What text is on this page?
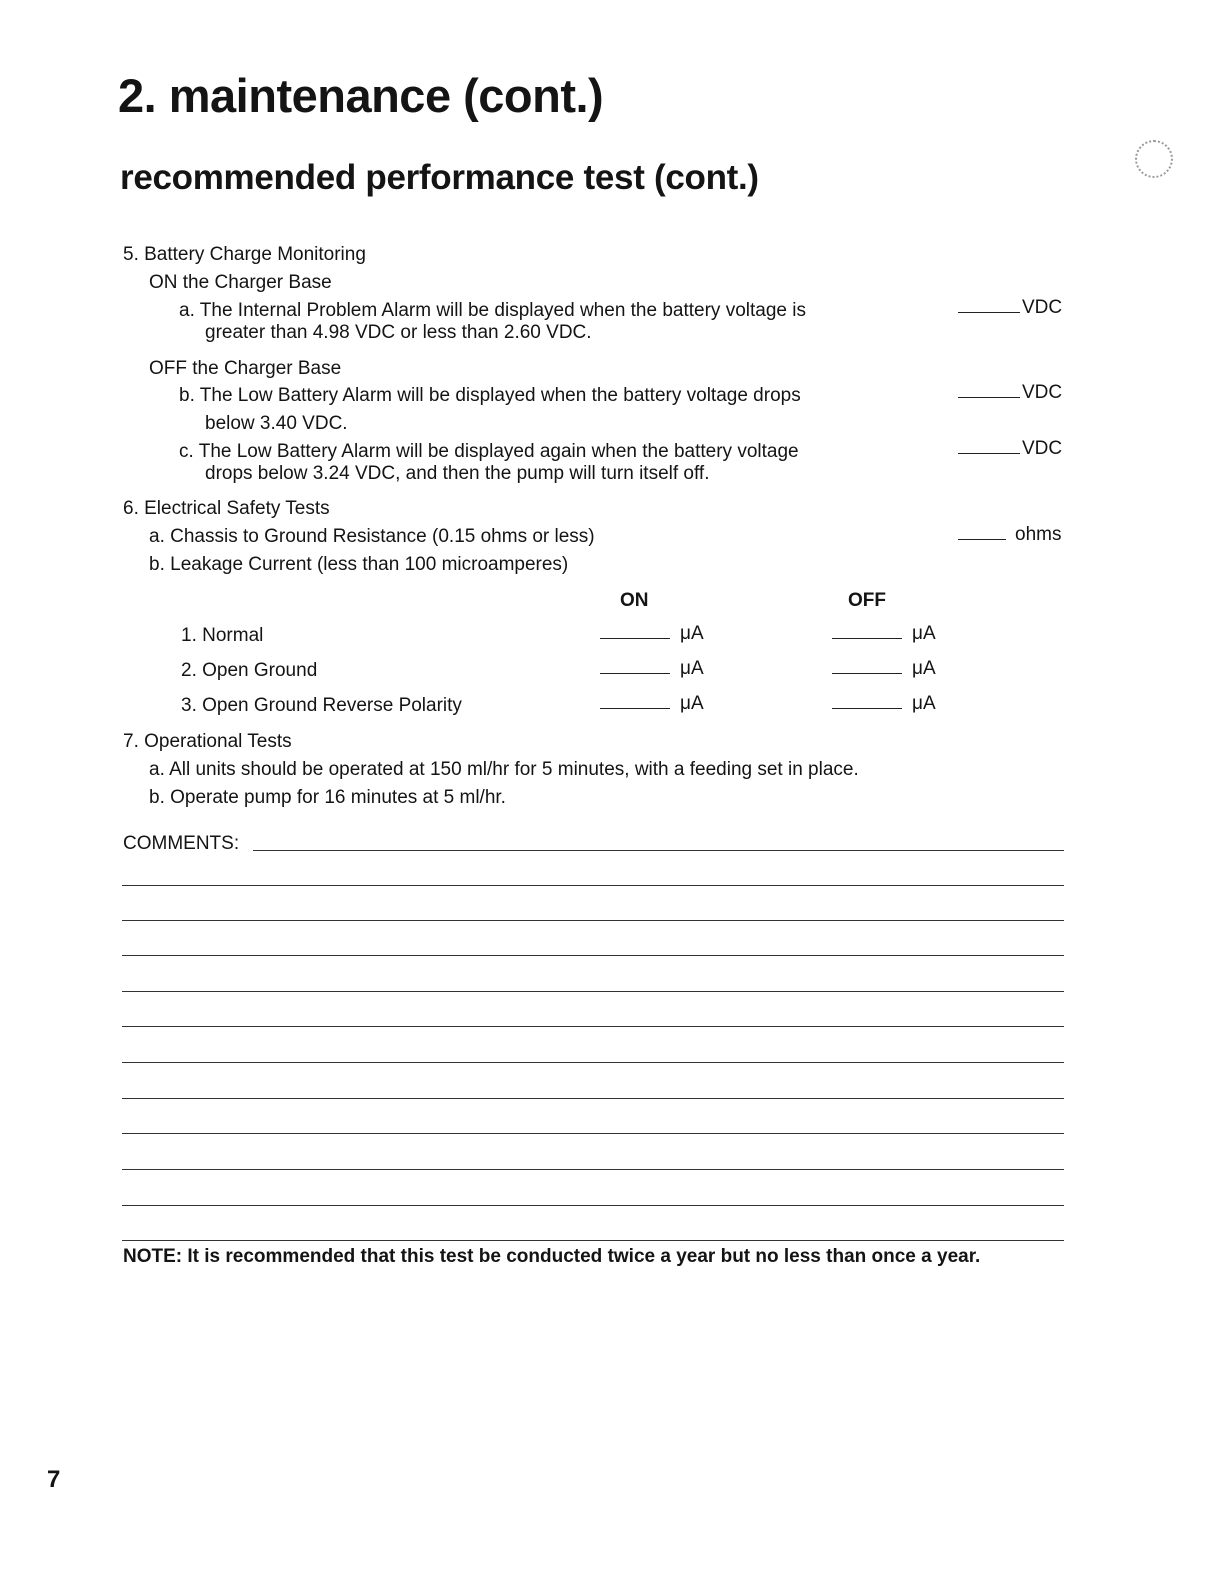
2. maintenance (cont.)
recommended performance test (cont.)
5. Battery Charge Monitoring
ON the Charger Base
a. The Internal Problem Alarm will be displayed when the battery voltage is
greater than 4.98 VDC or less than 2.60 VDC.
VDC
OFF the Charger Base
b. The Low Battery Alarm will be displayed when the battery voltage drops
below 3.40 VDC.
VDC
c. The Low Battery Alarm will be displayed again when the battery voltage
drops below 3.24 VDC, and then the pump will turn itself off.
VDC
6. Electrical Safety Tests
a. Chassis to Ground Resistance (0.15 ohms or less)	ohms
b. Leakage Current (less than 100 microamperes)
ON	OFF
1. Normal	μA	μA
2. Open Ground	μA	μA
3. Open Ground Reverse Polarity	μA	μA
7. Operational Tests
a. All units should be operated at 150 ml/hr for 5 minutes, with a feeding set in place.
b. Operate pump for 16 minutes at 5 ml/hr.
COMMENTS:
NOTE: It is recommended that this test be conducted twice a year but no less than once a year.
7
